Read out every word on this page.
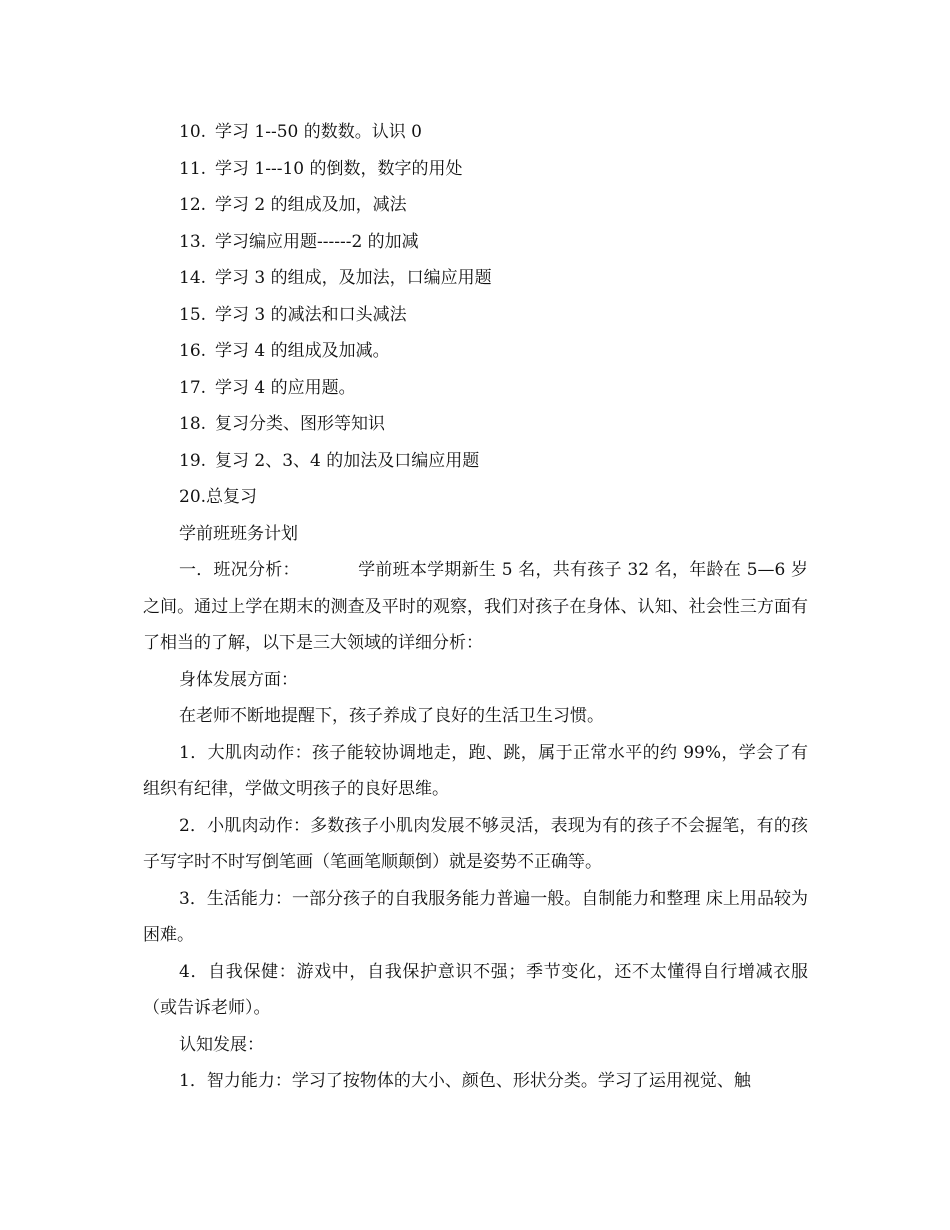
10. 学习 1--50 的数数。认识 0
11. 学习 1---10 的倒数，数字的用处
12. 学习 2 的组成及加，减法
13. 学习编应用题------2 的加减
14. 学习 3 的组成，及加法，口编应用题
15. 学习 3 的减法和口头减法
16. 学习 4 的组成及加减。
17. 学习 4 的应用题。
18. 复习分类、图形等知识
19. 复习 2、3、4 的加法及口编应用题
20.总复习
学前班班务计划
一．班况分析：	学前班本学期新生 5 名，共有孩子 32 名，年龄在 5—6 岁之间。通过上学在期末的测查及平时的观察，我们对孩子在身体、认知、社会性三方面有了相当的了解，以下是三大领域的详细分析：
身体发展方面：
在老师不断地提醒下，孩子养成了良好的生活卫生习惯。
1．大肌肉动作：孩子能较协调地走，跑、跳，属于正常水平的约 99%，学会了有组织有纪律，学做文明孩子的良好思维。
2．小肌肉动作：多数孩子小肌肉发展不够灵活，表现为有的孩子不会握笔，有的孩子写字时不时写倒笔画（笔画笔顺颠倒）就是姿势不正确等。
3．生活能力：一部分孩子的自我服务能力普遍一般。自制能力和整理 床上用品较为困难。
4．自我保健：游戏中，自我保护意识不强；季节变化，还不太懂得自行增减衣服（或告诉老师）。
认知发展：
1．智力能力：学习了按物体的大小、颜色、形状分类。学习了运用视觉、触
